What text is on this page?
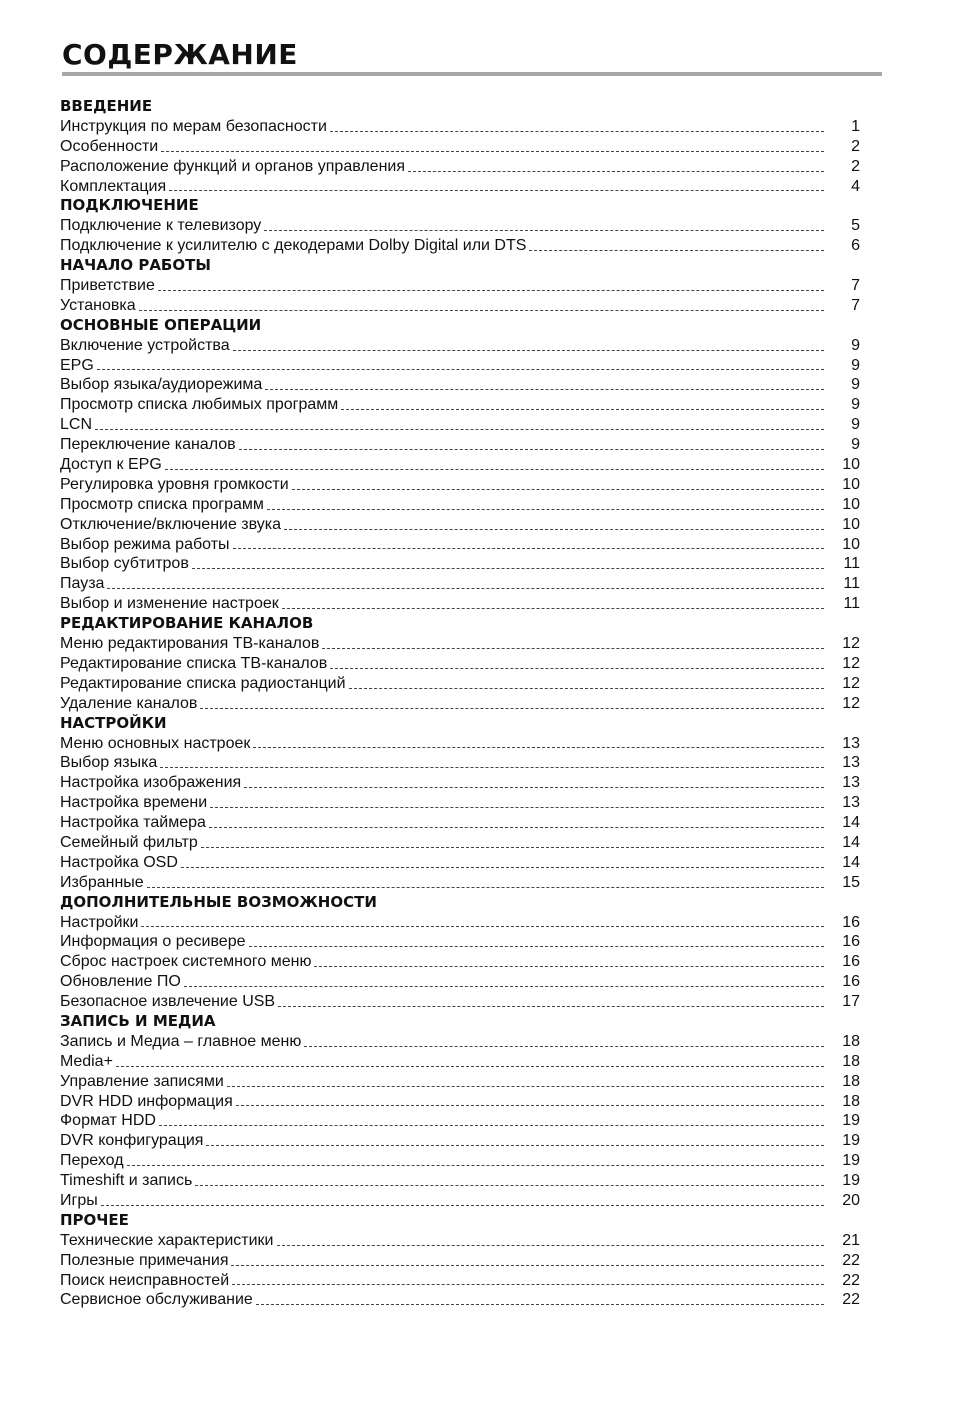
СОДЕРЖАНИЕ
ВВЕДЕНИЕ
Инструкция по мерам безопасности	1
Особенности	2
Расположение функций и органов управления	2
Комплектация	4
ПОДКЛЮЧЕНИЕ
Подключение к телевизору	5
Подключение к усилителю с декодерами Dolby Digital или DTS	6
НАЧАЛО РАБОТЫ
Приветствие	7
Установка	7
ОСНОВНЫЕ ОПЕРАЦИИ
Включение устройства	9
EPG	9
Выбор языка/аудиорежима	9
Просмотр списка любимых программ	9
LCN	9
Переключение каналов	9
Доступ к EPG	10
Регулировка уровня громкости	10
Просмотр списка программ	10
Отключение/включение звука	10
Выбор режима работы	10
Выбор субтитров	11
Пауза	11
Выбор и изменение настроек	11
РЕДАКТИРОВАНИЕ КАНАЛОВ
Меню редактирования ТВ-каналов	12
Редактирование списка ТВ-каналов	12
Редактирование списка радиостанций	12
Удаление каналов	12
НАСТРОЙКИ
Меню основных настроек	13
Выбор языка	13
Настройка изображения	13
Настройка времени	13
Настройка таймера	14
Семейный фильтр	14
Настройка OSD	14
Избранные	15
ДОПОЛНИТЕЛЬНЫЕ ВОЗМОЖНОСТИ
Настройки	16
Информация о ресивере	16
Сброс настроек системного меню	16
Обновление ПО	16
Безопасное извлечение USB	17
ЗАПИСЬ И МЕДИА
Запись и Медиа – главное меню	18
Media+	18
Управление записями	18
DVR HDD информация	18
Формат HDD	19
DVR конфигурация	19
Переход	19
Timeshift и запись	19
Игры	20
ПРОЧЕЕ
Технические характеристики	21
Полезные примечания	22
Поиск неисправностей	22
Сервисное обслуживание	22
